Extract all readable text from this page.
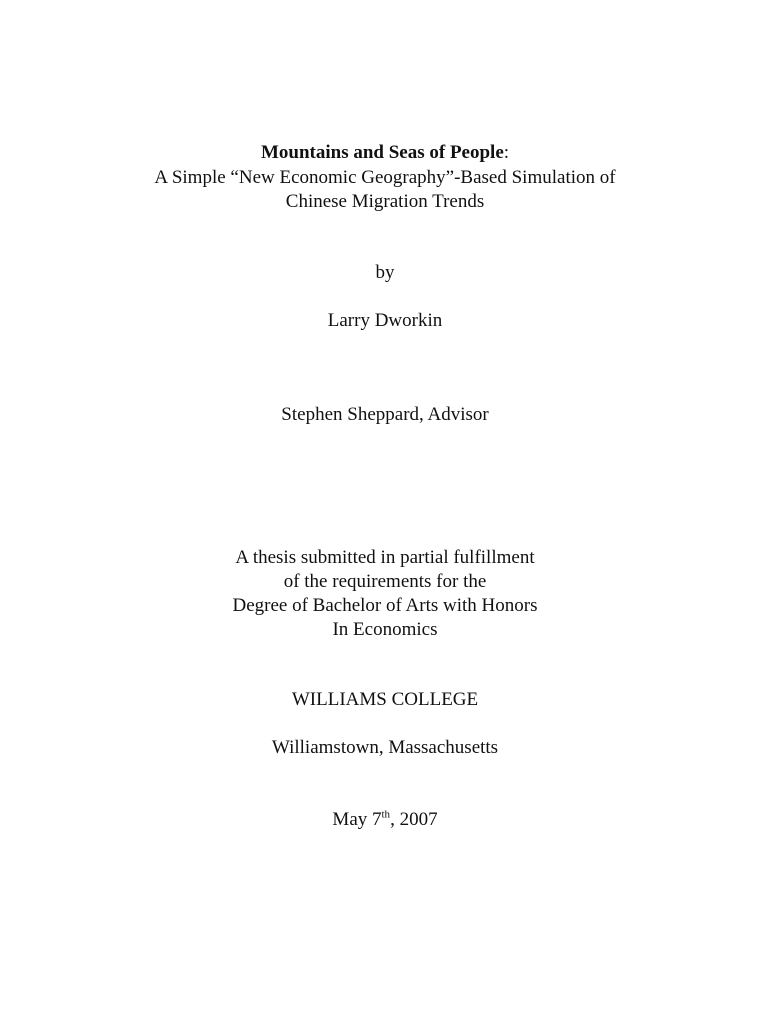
Mountains and Seas of People:
A Simple “New Economic Geography”-Based Simulation of
Chinese Migration Trends
by
Larry Dworkin
Stephen Sheppard, Advisor
A thesis submitted in partial fulfillment
of the requirements for the
Degree of Bachelor of Arts with Honors
In Economics
WILLIAMS COLLEGE
Williamstown, Massachusetts
May 7th, 2007
